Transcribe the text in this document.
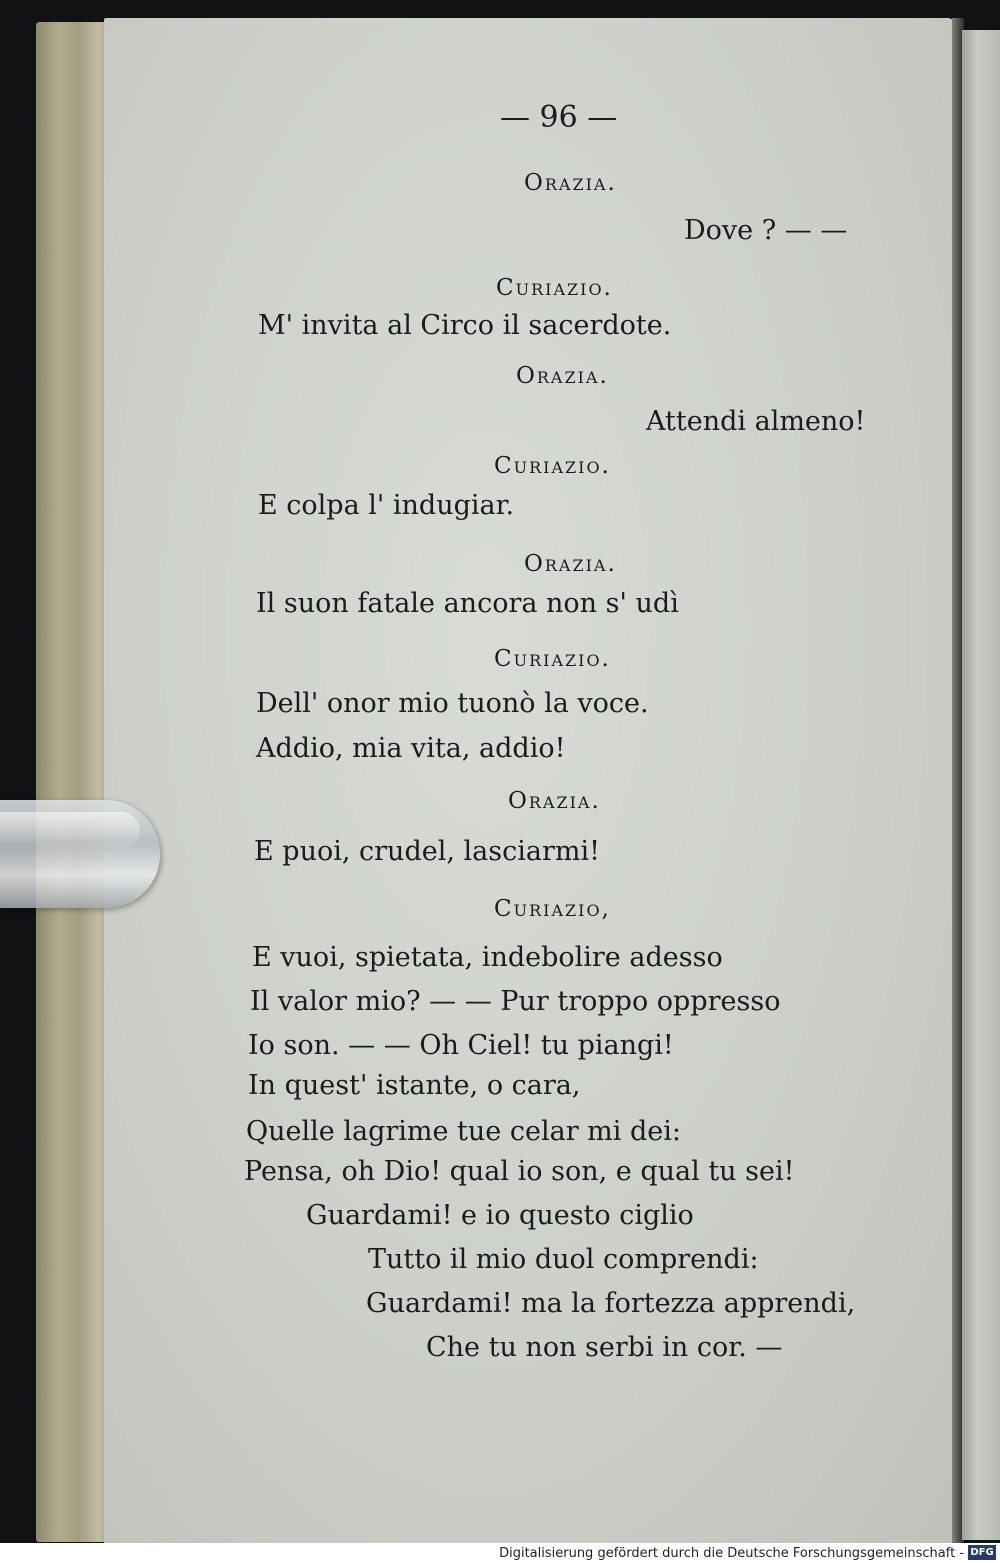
— 96 —
Orazia.
Dove ? — —
Curiazio.
M' invita al Circo il sacerdote.
Orazia.
Attendi almeno!
Curiazio.
E colpa l' indugiar.
Orazia.
Il suon fatale ancora non s' udì
Curiazio.
Dell' onor mio tuonò la voce.
Addio, mia vita, addio!
Orazia.
E puoi, crudel, lasciarmi!
Curiazio,
E vuoi, spietata, indebolire adesso
Il valor mio? — — Pur troppo oppresso
Io son. — — Oh Ciel! tu piangi!
In quest' istante, o cara,
Quelle lagrime tue celar mi dei:
Pensa, oh Dio! qual io son, e qual tu sei!
Guardami! e io questo ciglio
Tutto il mio duol comprendi:
Guardami! ma la fortezza apprendi,
Che tu non serbi in cor. —
Digitalisierung gefördert durch die Deutsche Forschungsgemeinschaft - DFG
